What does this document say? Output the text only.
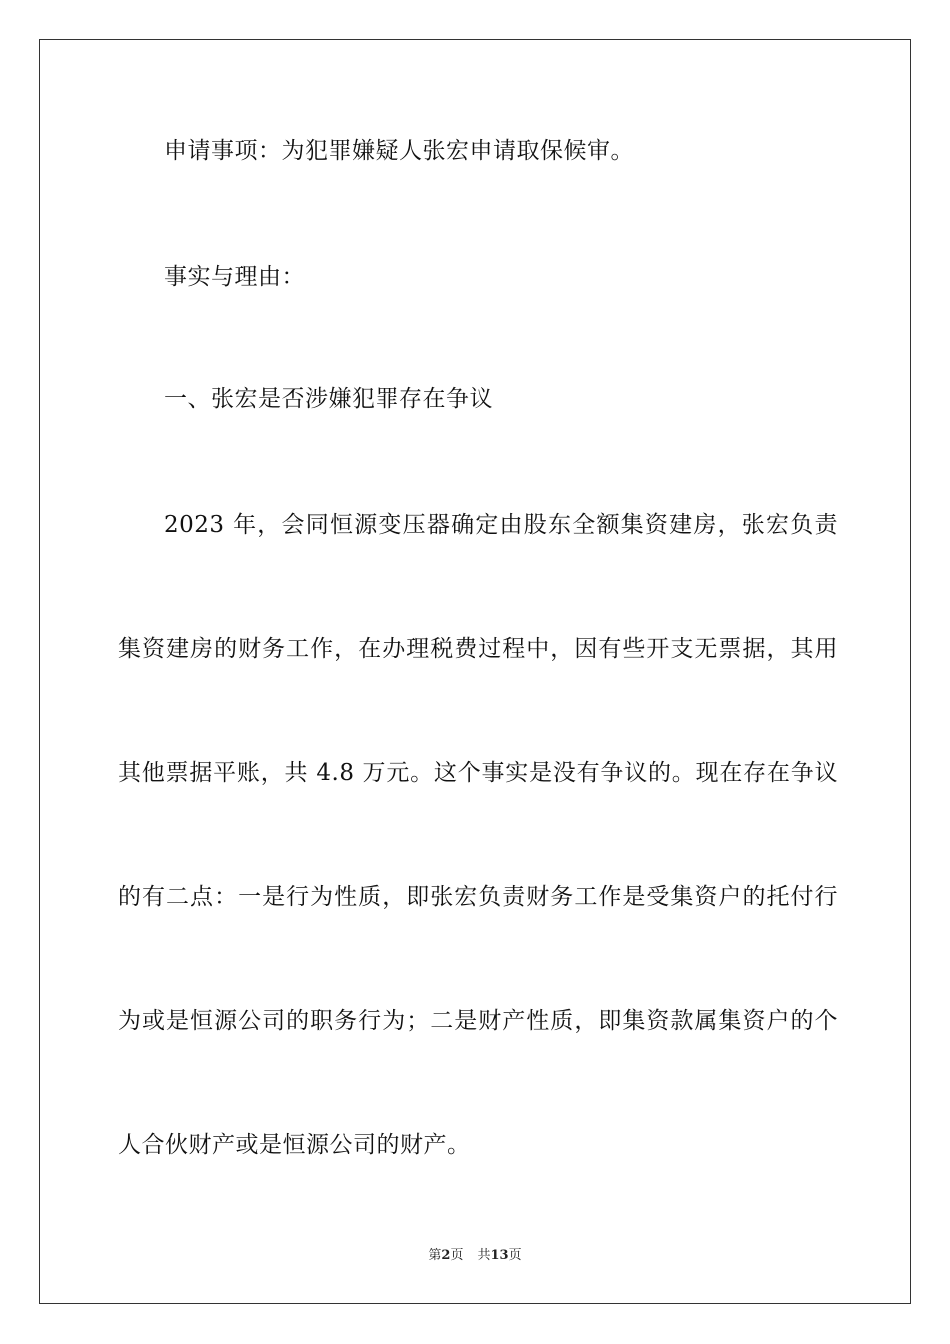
申请事项：为犯罪嫌疑人张宏申请取保候审。
事实与理由：
一、张宏是否涉嫌犯罪存在争议
2023 年，会同恒源变压器确定由股东全额集资建房，张宏负责
集资建房的财务工作，在办理税费过程中，因有些开支无票据，其用
其他票据平账，共 4.8 万元。这个事实是没有争议的。现在存在争议
的有二点：一是行为性质，即张宏负责财务工作是受集资户的托付行
为或是恒源公司的职务行为；二是财产性质，即集资款属集资户的个
人合伙财产或是恒源公司的财产。
第2页 共13页
